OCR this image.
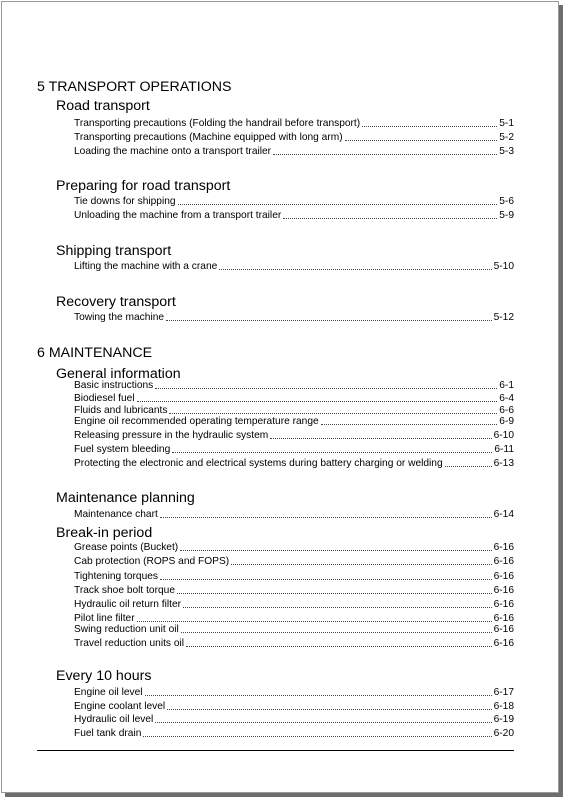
5 TRANSPORT OPERATIONS
Road transport
Transporting precautions (Folding the handrail before transport)	5-1
Transporting precautions (Machine equipped with long arm)	5-2
Loading the machine onto a transport trailer	5-3
Preparing for road transport
Tie downs for shipping	5-6
Unloading the machine from a transport trailer	5-9
Shipping transport
Lifting the machine with a crane	5-10
Recovery transport
Towing the machine	5-12
6 MAINTENANCE
General information
Basic instructions	6-1
Biodiesel fuel	6-4
Fluids and lubricants	6-6
Engine oil recommended operating temperature range	6-9
Releasing pressure in the hydraulic system	6-10
Fuel system bleeding	6-11
Protecting the electronic and electrical systems during battery charging or welding	6-13
Maintenance planning
Maintenance chart	6-14
Break-in period
Grease points (Bucket)	6-16
Cab protection (ROPS and FOPS)	6-16
Tightening torques	6-16
Track shoe bolt torque	6-16
Hydraulic oil return filter	6-16
Pilot line filter	6-16
Swing reduction unit oil	6-16
Travel reduction units oil	6-16
Every 10 hours
Engine oil level	6-17
Engine coolant level	6-18
Hydraulic oil level	6-19
Fuel tank drain	6-20
